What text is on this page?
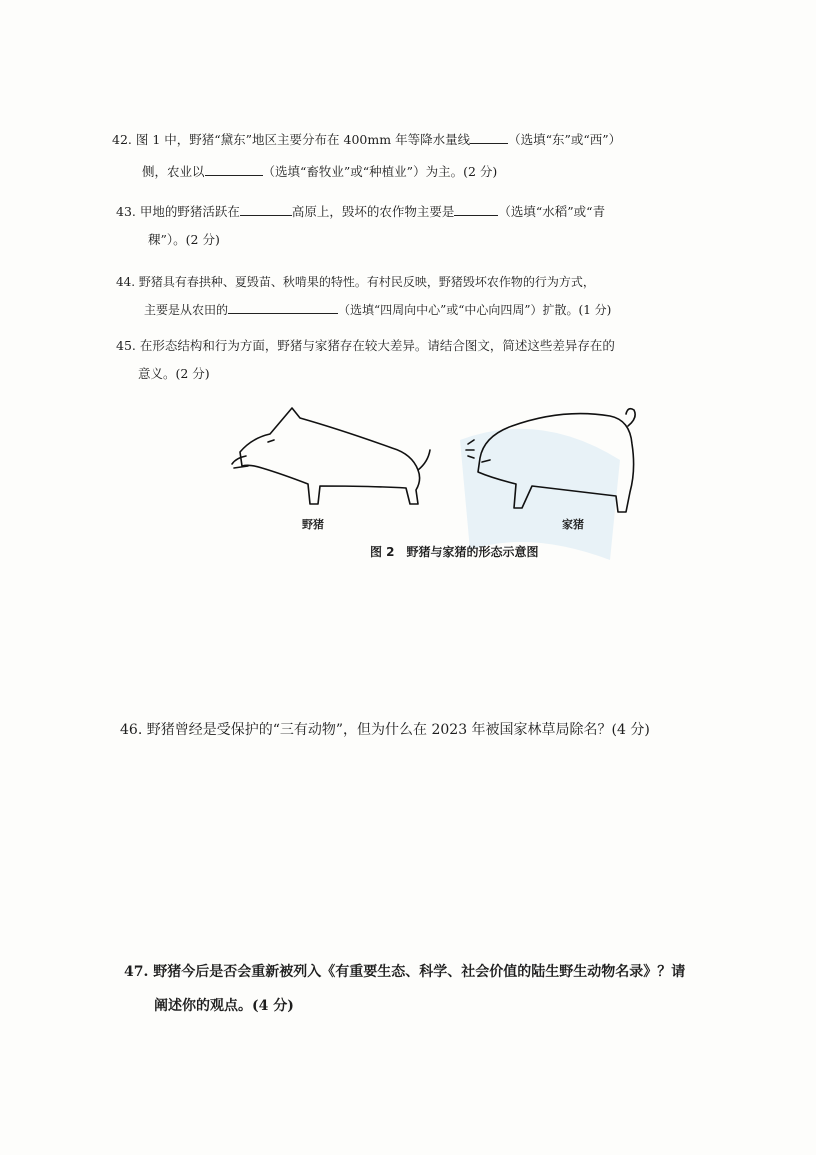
42. 图 1 中，野猪“黛东”地区主要分布在 400mm 年等降水量线	（选填“东”或“西”）
侧，农业以	（选填“畜牧业”或“种植业”）为主。(2 分)
43. 甲地的野猪活跃在	高原上，毁坏的农作物主要是	（选填“水稻”或“青
稞”）。(2 分)
44. 野猪具有春拱种、夏毁苗、秋啃果的特性。有村民反映，野猪毁坏农作物的行为方式，
主要是从农田的	（选填“四周向中心”或“中心向四周”）扩散。(1 分)
45. 在形态结构和行为方面，野猪与家猪存在较大差异。请结合图文，简述这些差异存在的
意义。(2 分)
野猪	家猪
图 2　野猪与家猪的形态示意图
46. 野猪曾经是受保护的“三有动物”，但为什么在 2023 年被国家林草局除名？(4 分)
47. 野猪今后是否会重新被列入《有重要生态、科学、社会价值的陆生野生动物名录》？请
阐述你的观点。(4 分)
